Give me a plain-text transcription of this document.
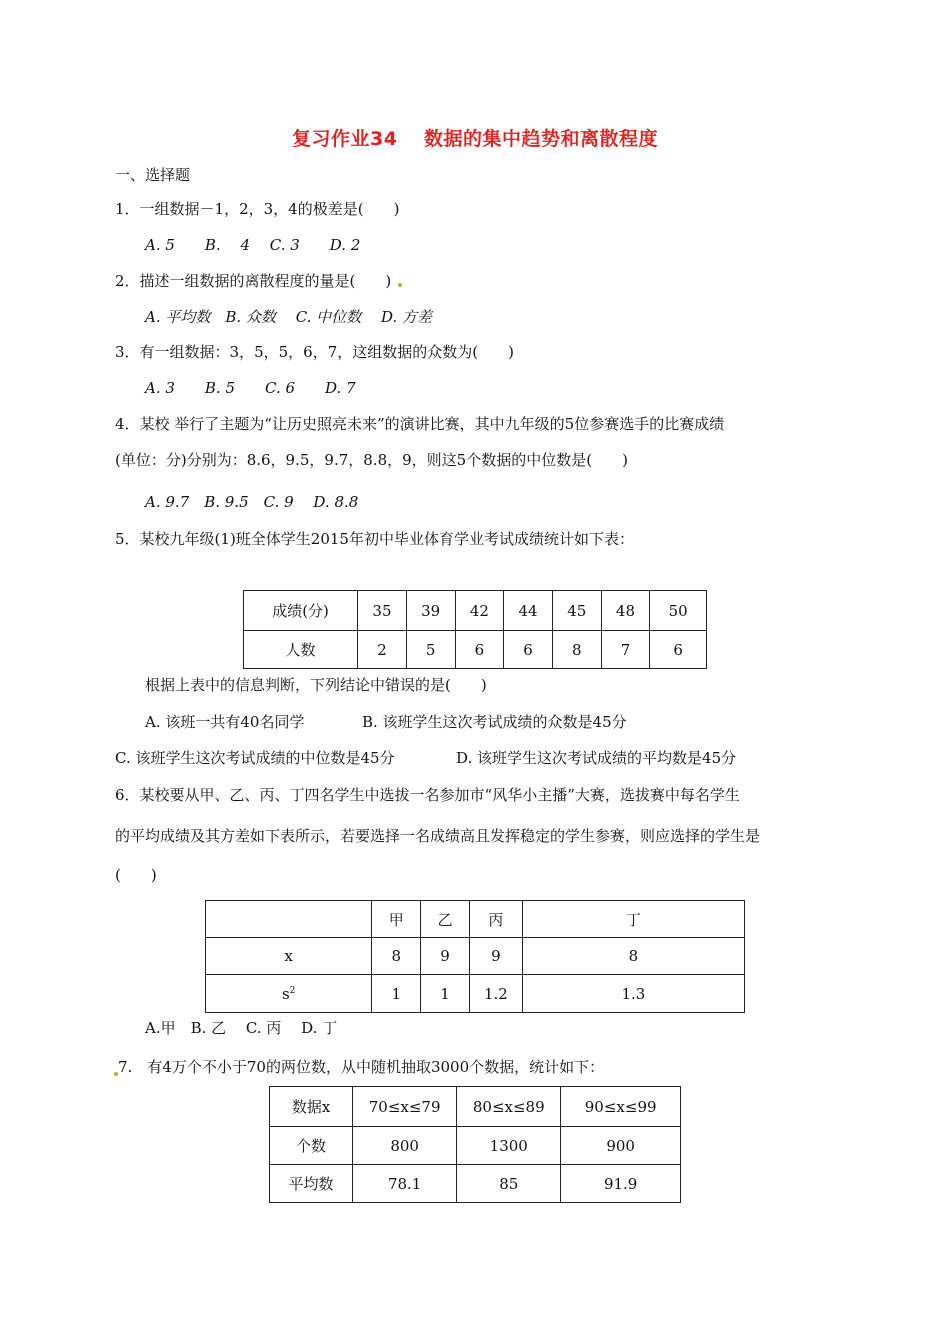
复习作业34　 数据的集中趋势和离散程度
一、选择题
1．一组数据－1，2，3，4的极差是(　　)
A. 5　　B.　 4　 C. 3　　D. 2
2．描述一组数据的离散程度的量是(　　)
A. 平均数　B. 众数　 C. 中位数　 D. 方差
3．有一组数据：3，5，5，6，7，这组数据的众数为(　　)
A. 3　　B. 5　　C. 6　　D. 7
4．某校 举行了主题为“让历史照亮未来”的演讲比赛，其中九年级的5位参赛选手的比赛成绩
(单位：分)分别为：8.6，9.5，9.7，8.8，9，则这5个数据的中位数是(　　)
A. 9.7　B. 9.5　C. 9　 D. 8.8
5．某校九年级(1)班全体学生2015年初中毕业体育学业考试成绩统计如下表：
成绩(分)	35	39	42	44	45	48	50
人数	2	5	6	6	8	7	6
根据上表中的信息判断，下列结论中错误的是(　　)
A. 该班一共有40名同学	B. 该班学生这次考试成绩的众数是45分
C. 该班学生这次考试成绩的中位数是45分	D. 该班学生这次考试成绩的平均数是45分
6．某校要从甲、乙、丙、丁四名学生中选拔一名参加市“风华小主播”大赛，选拔赛中每名学生
的平均成绩及其方差如下表所示，若要选择一名成绩高且发挥稳定的学生参赛，则应选择的学生是
(　　)
	甲	乙	丙	丁
x	8	9	9	8
$s^2$	1	1	1.2	1.3
A.甲　B. 乙　 C. 丙　 D. 丁
7.　有4万个不小于70的两位数，从中随机抽取3000个数据，统计如下：
数据x	70≤x≤79	80≤x≤89	90≤x≤99
个数	800	1300	900
平均数	78.1	85	91.9
